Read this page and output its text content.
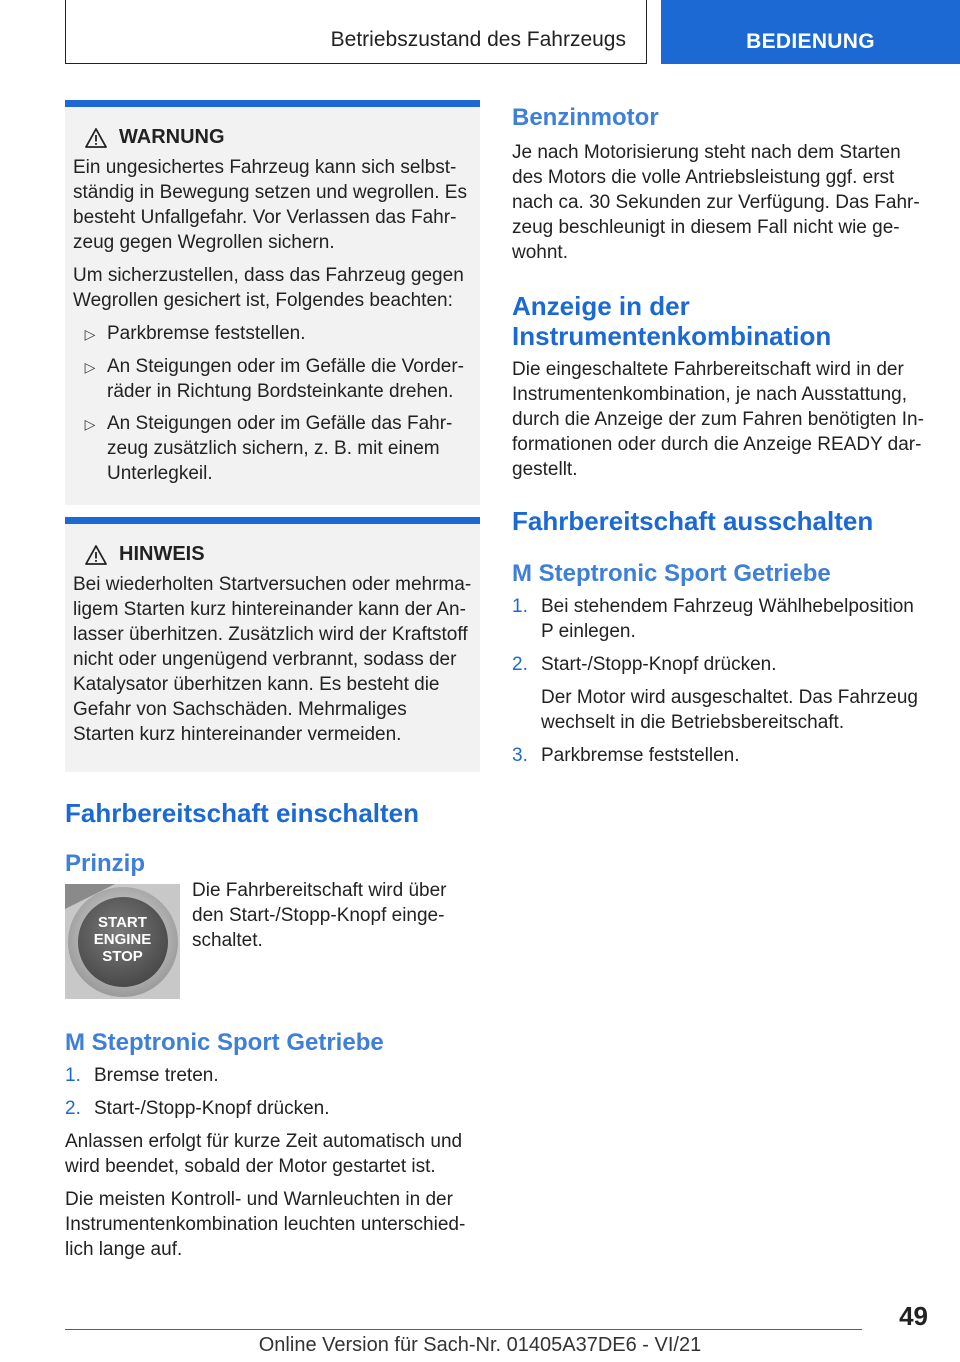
Betriebszustand des Fahrzeugs	BEDIENUNG
WARNUNG

Ein ungesichertes Fahrzeug kann sich selbstständig in Bewegung setzen und wegrollen. Es besteht Unfallgefahr. Vor Verlassen das Fahrzeug gegen Wegrollen sichern.

Um sicherzustellen, dass das Fahrzeug gegen Wegrollen gesichert ist, Folgendes beachten:

▷ Parkbremse feststellen.
▷ An Steigungen oder im Gefälle die Vorderräder in Richtung Bordsteinkante drehen.
▷ An Steigungen oder im Gefälle das Fahrzeug zusätzlich sichern, z. B. mit einem Unterlegkeil.
HINWEIS

Bei wiederholten Startversuchen oder mehrmaligem Starten kurz hintereinander kann der Anlasser überhitzen. Zusätzlich wird der Kraftstoff nicht oder ungenügend verbrannt, sodass der Katalysator überhitzen kann. Es besteht die Gefahr von Sachschäden. Mehrmaliges Starten kurz hintereinander vermeiden.

Fahrbereitschaft einschalten
Prinzip
START
ENGINE
STOP

Die Fahrbereitschaft wird über den Start-/Stopp-Knopf eingeschaltet.

M Steptronic Sport Getriebe
1. Bremse treten.
2. Start-/Stopp-Knopf drücken.

Anlassen erfolgt für kurze Zeit automatisch und wird beendet, sobald der Motor gestartet ist.

Die meisten Kontroll- und Warnleuchten in der Instrumentenkombination leuchten unterschiedlich lange auf.

Benzinmotor

Je nach Motorisierung steht nach dem Starten des Motors die volle Antriebsleistung ggf. erst nach ca. 30 Sekunden zur Verfügung. Das Fahrzeug beschleunigt in diesem Fall nicht wie gewohnt.

Anzeige in der Instrumentenkombination

Die eingeschaltete Fahrbereitschaft wird in der Instrumentenkombination, je nach Ausstattung, durch die Anzeige der zum Fahren benötigten Informationen oder durch die Anzeige READY dargestellt.

Fahrbereitschaft ausschalten
M Steptronic Sport Getriebe
1. Bei stehendem Fahrzeug Wählhebelposition P einlegen.
2. Start-/Stopp-Knopf drücken.

Der Motor wird ausgeschaltet. Das Fahrzeug wechselt in die Betriebsbereitschaft.

3. Parkbremse feststellen.
49
Online Version für Sach-Nr. 01405A37DE6 - VI/21
